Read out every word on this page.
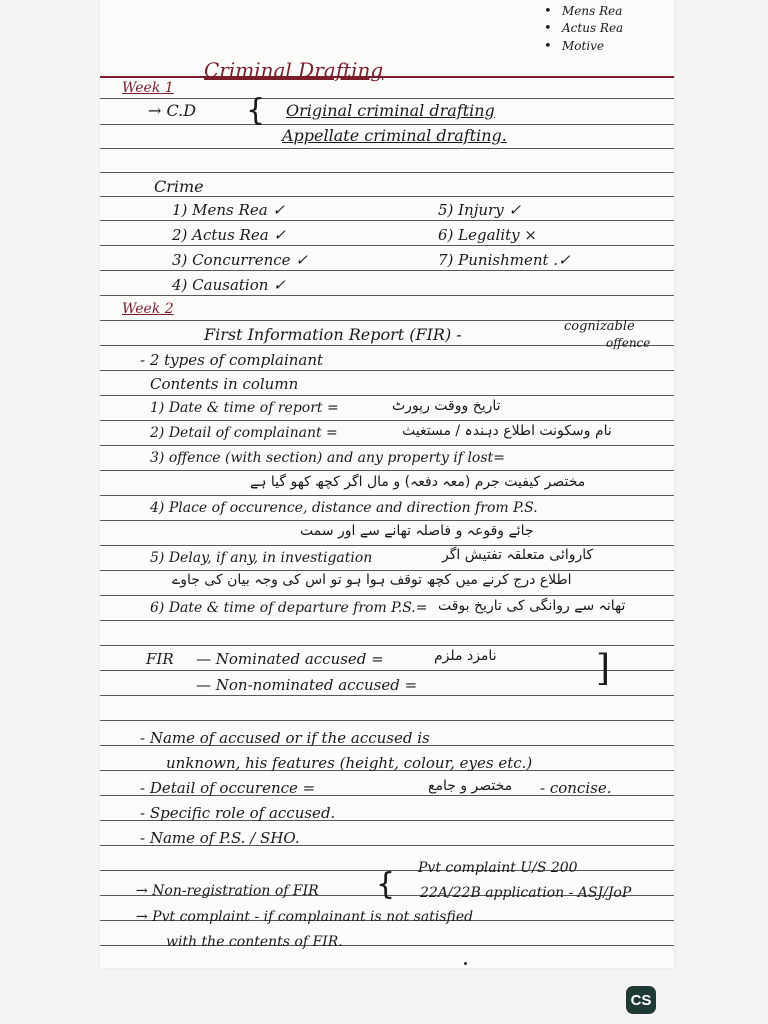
• Mens Rea
• Actus Rea
• Motive
Criminal Drafting
Week 1
→ C.D { Original criminal drafting
Appellate criminal drafting.
Crime
1) Mens Rea ✓
2) Actus Rea ✓
3) Concurrence ✓
4) Causation ✓
5) Injury ✓
6) Legality ×
7) Punishment .✓
Week 2
First Information Report (FIR) -	cognizable
offence
- 2 types of complainant
Contents in column
1) Date & time of report =	تاریخ ووقت رپورٹ
2) Detail of complainant =	نام وسکونت اطلاع دہندہ / مستغیث
3) offence (with section) and any property if lost=
مختصر کیفیت جرم (معہ دفعہ) و مال اگر کچھ کھو گیا ہے
4) Place of occurence, distance and direction from P.S.
جائے وقوعہ و فاصلہ تھانے سے اور سمت
5) Delay, if any, in investigation	کاروائی متعلقہ تفتیش اگر
اطلاع درج کرنے میں کچھ توقف ہوا ہو تو اس کی وجہ بیان کی جاوے
6) Date & time of departure from P.S.= تھانہ سے روانگی کی تاریخ بوقت
FIR — Nominated accused =	نامزد ملزم
— Non-nominated accused =	]
- Name of accused or if the accused is
unknown, his features (height, colour, eyes etc.)
- Detail of occurence =	مختصر و جامع - concise.
- Specific role of accused.
- Name of P.S. / SHO.
Pvt complaint U/S 200
→ Non-registration of FIR { 22A/22B application - ASJ/JoP
→ Pvt complaint - if complainant is not satisfied
with the contents of FIR.
CS
